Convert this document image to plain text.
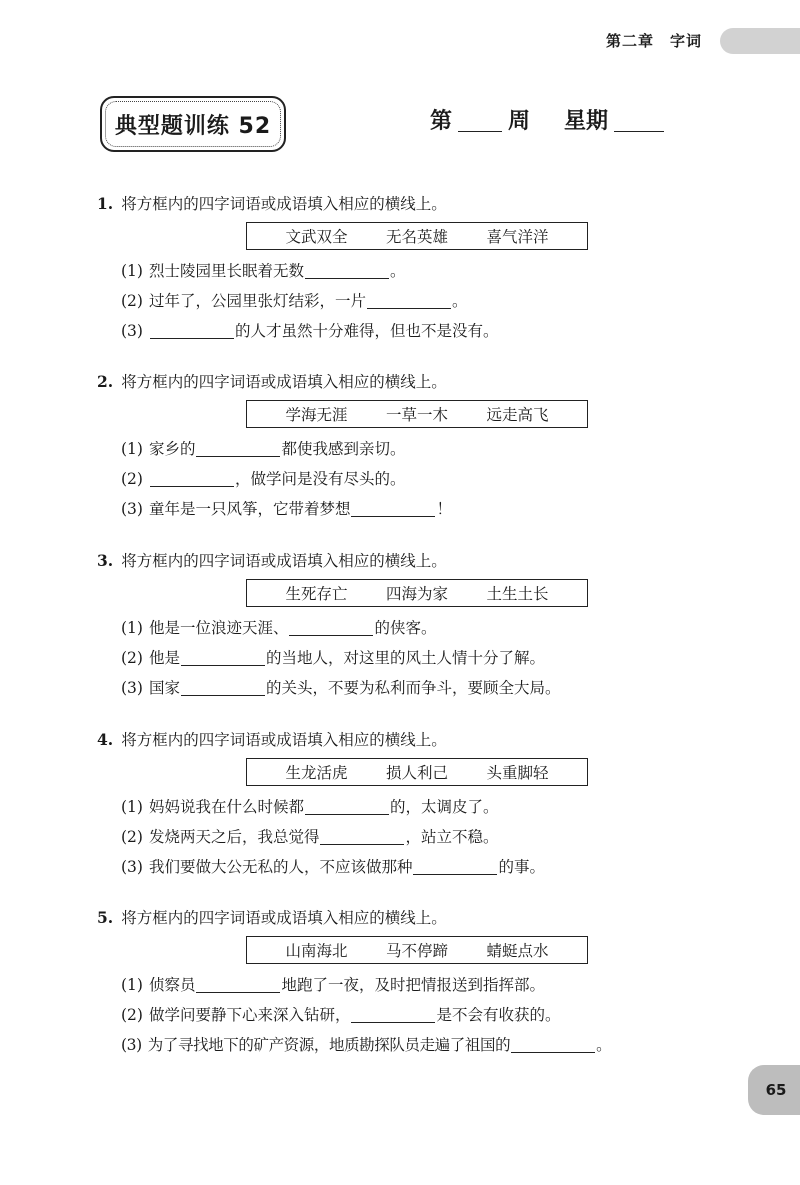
第二章　字词
典型题训练 52	第	周 星期
1. 将方框内的四字词语或成语填入相应的横线上。
文武双全 无名英雄 喜气洋洋
(1) 烈士陵园里长眠着无数	。
(2) 过年了，公园里张灯结彩，一片	。
(3)	的人才虽然十分难得，但也不是没有。
2. 将方框内的四字词语或成语填入相应的横线上。
学海无涯 一草一木 远走高飞
(1) 家乡的	都使我感到亲切。
(2)	，做学问是没有尽头的。
(3) 童年是一只风筝，它带着梦想	！
3. 将方框内的四字词语或成语填入相应的横线上。
生死存亡 四海为家 土生土长
(1) 他是一位浪迹天涯、	的侠客。
(2) 他是	的当地人，对这里的风土人情十分了解。
(3) 国家	的关头，不要为私利而争斗，要顾全大局。
4. 将方框内的四字词语或成语填入相应的横线上。
生龙活虎 损人利己 头重脚轻
(1) 妈妈说我在什么时候都	的，太调皮了。
(2) 发烧两天之后，我总觉得	，站立不稳。
(3) 我们要做大公无私的人，不应该做那种	的事。
5. 将方框内的四字词语或成语填入相应的横线上。
山南海北 马不停蹄 蜻蜓点水
(1) 侦察员	地跑了一夜，及时把情报送到指挥部。
(2) 做学问要静下心来深入钻研，	是不会有收获的。
(3) 为了寻找地下的矿产资源，地质勘探队员走遍了祖国的	。
65
